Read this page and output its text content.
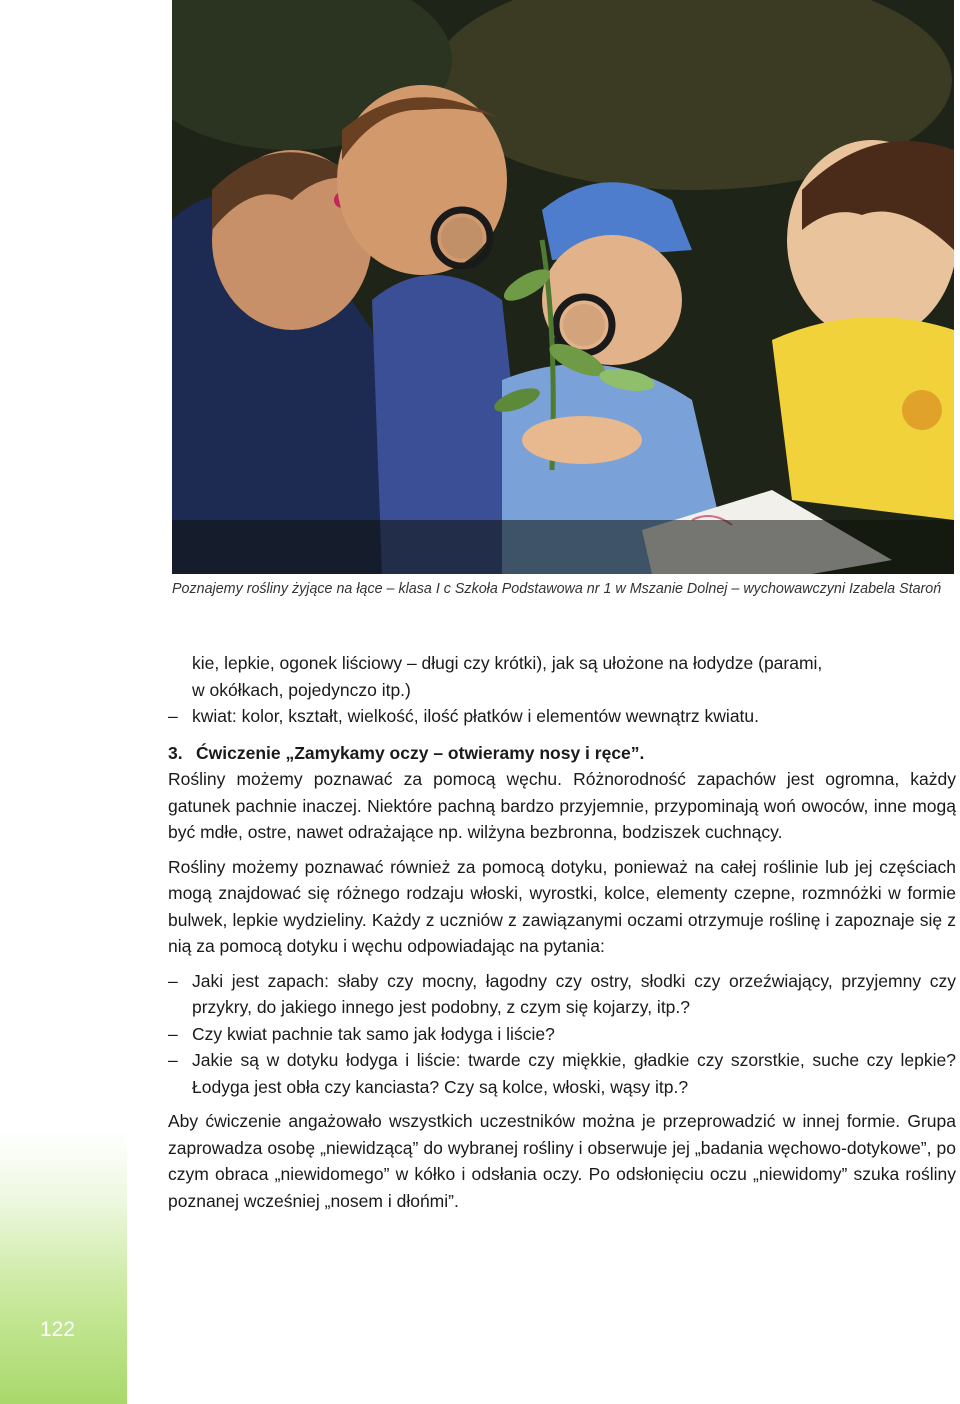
122
Poznajemy rośliny żyjące na łące – klasa I c Szkoła Podstawowa nr 1 w Mszanie Dolnej – wychowawczyni Izabela Staroń
kie, lepkie, ogonek liściowy – długi czy krótki), jak są ułożone na łodydze (parami,
w okółkach, pojedynczo itp.)
– kwiat: kolor, kształt, wielkość, ilość płatków i elementów wewnątrz kwiatu.
3. Ćwiczenie „Zamykamy oczy – otwieramy nosy i ręce”.
Rośliny możemy poznawać za pomocą węchu. Różnorodność zapachów jest ogromna, każdy gatunek pachnie inaczej. Niektóre pachną bardzo przyjemnie, przypominają woń owoców, inne mogą być mdłe, ostre, nawet odrażające np. wilżyna bezbronna, bodziszek cuchnący.
Rośliny możemy poznawać również za pomocą dotyku, ponieważ na całej roślinie lub jej częściach mogą znajdować się różnego rodzaju włoski, wyrostki, kolce, elementy czepne, rozmnóżki w formie bulwek, lepkie wydzieliny. Każdy z uczniów z zawiązanymi oczami otrzymuje roślinę i zapoznaje się z nią za pomocą dotyku i węchu odpowiadając na pytania:
– Jaki jest zapach: słaby czy mocny, łagodny czy ostry, słodki czy orzeźwiający, przyjemny czy przykry, do jakiego innego jest podobny, z czym się kojarzy, itp.?
– Czy kwiat pachnie tak samo jak łodyga i liście?
– Jakie są w dotyku łodyga i liście: twarde czy miękkie, gładkie czy szorstkie, suche czy lepkie? Łodyga jest obła czy kanciasta? Czy są kolce, włoski, wąsy itp.?
Aby ćwiczenie angażowało wszystkich uczestników można je przeprowadzić w innej formie. Grupa zaprowadza osobę „niewidzącą” do wybranej rośliny i obserwuje jej „badania węchowo-dotykowe”, po czym obraca „niewidomego” w kółko i odsłania oczy. Po odsłonięciu oczu „niewidomy” szuka rośliny poznanej wcześniej „nosem i dłońmi”.
